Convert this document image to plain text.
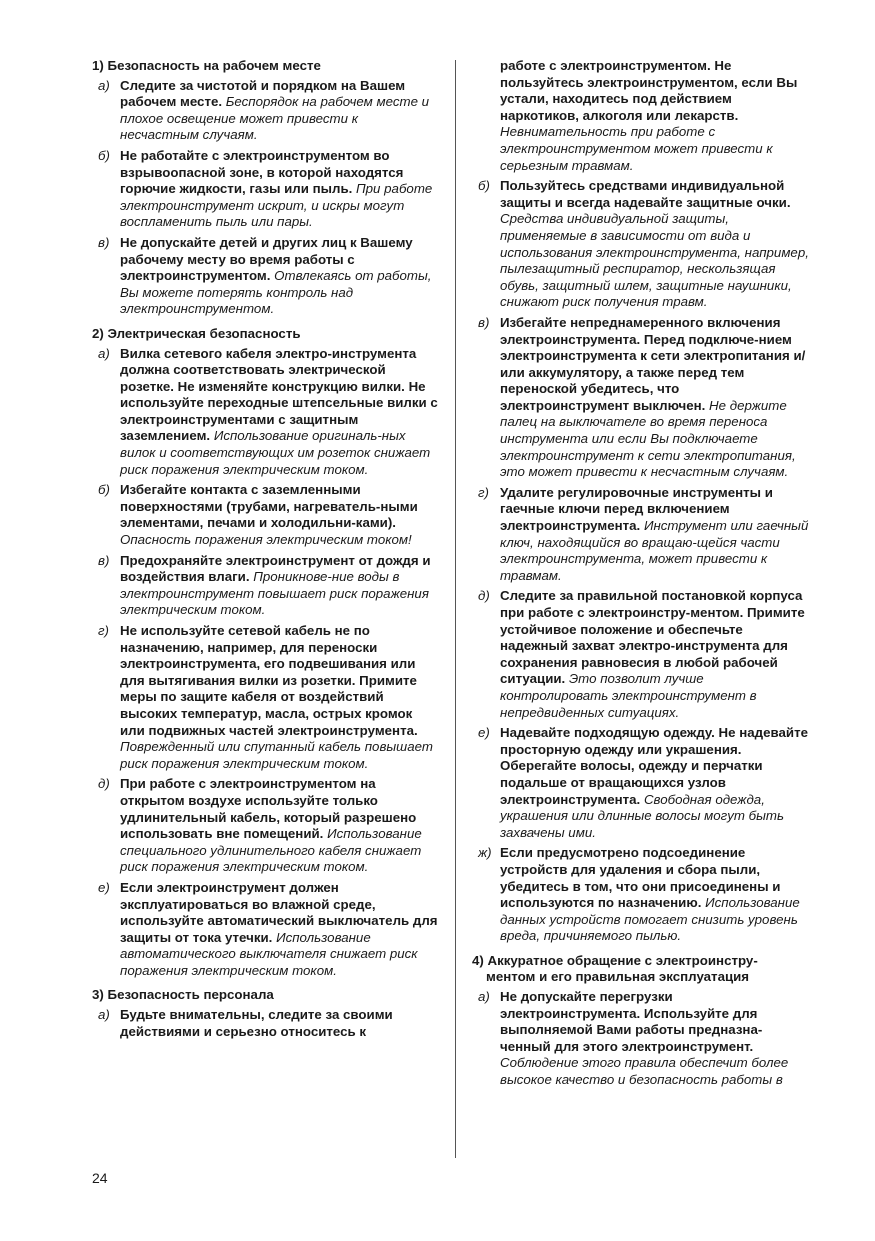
1) Безопасность на рабочем месте
а) Следите за чистотой и порядком на Вашем рабочем месте. Беспорядок на рабочем месте и плохое освещение может привести к несчастным случаям.
б) Не работайте с электроинструментом во взрывоопасной зоне, в которой находятся горючие жидкости, газы или пыль. При работе электроинструмент искрит, и искры могут воспламенить пыль или пары.
в) Не допускайте детей и других лиц к Вашему рабочему месту во время работы с электроинструментом. Отвлекаясь от работы, Вы можете потерять контроль над электроинструментом.
2) Электрическая безопасность
а) Вилка сетевого кабеля электро-инструмента должна соответствовать электрической розетке. Не изменяйте конструкцию вилки. Не используйте переходные штепсельные вилки с электроинструментами с защитным заземлением. Использование оригиналь-ных вилок и соответствующих им розеток снижает риск поражения электрическим током.
б) Избегайте контакта с заземленными поверхностями (трубами, нагреватель-ными элементами, печами и холодильни-ками). Опасность поражения электрическим током!
в) Предохраняйте электроинструмент от дождя и воздействия влаги. Проникнове-ние воды в электроинструмент повышает риск поражения электрическим током.
г) Не используйте сетевой кабель не по назначению, например, для переноски электроинструмента, его подвешивания или для вытягивания вилки из розетки. Примите меры по защите кабеля от воздействий высоких температур, масла, острых кромок или подвижных частей электроинструмента. Поврежденный или спутанный кабель повышает риск поражения электрическим током.
д) При работе с электроинструментом на открытом воздухе используйте только удлинительный кабель, который разрешено использовать вне помещений. Использование специального удлинительного кабеля снижает риск поражения электрическим током.
е) Если электроинструмент должен эксплуатироваться во влажной среде, используйте автоматический выключатель для защиты от тока утечки. Использование автоматического выключателя снижает риск поражения электрическим током.
3) Безопасность персонала
а) Будьте внимательны, следите за своими действиями и серьезно относитесь к
работе с электроинструментом. Не пользуйтесь электроинструментом, если Вы устали, находитесь под действием наркотиков, алкоголя или лекарств. Невнимательность при работе с электроинструментом может привести к серьезным травмам.
б) Пользуйтесь средствами индивидуальной защиты и всегда надевайте защитные очки. Средства индивидуальной защиты, применяемые в зависимости от вида и использования электроинструмента, например, пылезащитный респиратор, нескользящая обувь, защитный шлем, защитные наушники, снижают риск получения травм.
в) Избегайте непреднамеренного включения электроинструмента. Перед подключе-нием электроинструмента к сети электропитания и/или аккумулятору, а также перед тем переноской убедитесь, что электроинструмент выключен. Не держите палец на выключателе во время переноса инструмента или если Вы подключаете электроинструмент к сети электропитания, это может привести к несчастным случаям.
г) Удалите регулировочные инструменты и гаечные ключи перед включением электроинструмента. Инструмент или гаечный ключ, находящийся во вращаю-щейся части электроинструмента, может привести к травмам.
д) Следите за правильной постановкой корпуса при работе с электроинстру-ментом. Примите устойчивое положение и обеспечьте надежный захват электро-инструмента для сохранения равновесия в любой рабочей ситуации. Это позволит лучше контролировать электроинструмент в непредвиденных ситуациях.
е) Надевайте подходящую одежду. Не надевайте просторную одежду или украшения. Оберегайте волосы, одежду и перчатки подальше от вращающихся узлов электроинструмента. Свободная одежда, украшения или длинные волосы могут быть захвачены ими.
ж) Если предусмотрено подсоединение устройств для удаления и сбора пыли, убедитесь в том, что они присоединены и используются по назначению. Использование данных устройств помогает снизить уровень вреда, причиняемого пылью.
4) Аккуратное обращение с электроинстру-
ментом и его правильная эксплуатация
а) Не допускайте перегрузки электроинструмента. Используйте для выполняемой Вами работы предназна-ченный для этого электроинструмент. Соблюдение этого правила обеспечит более высокое качество и безопасность работы в
24
